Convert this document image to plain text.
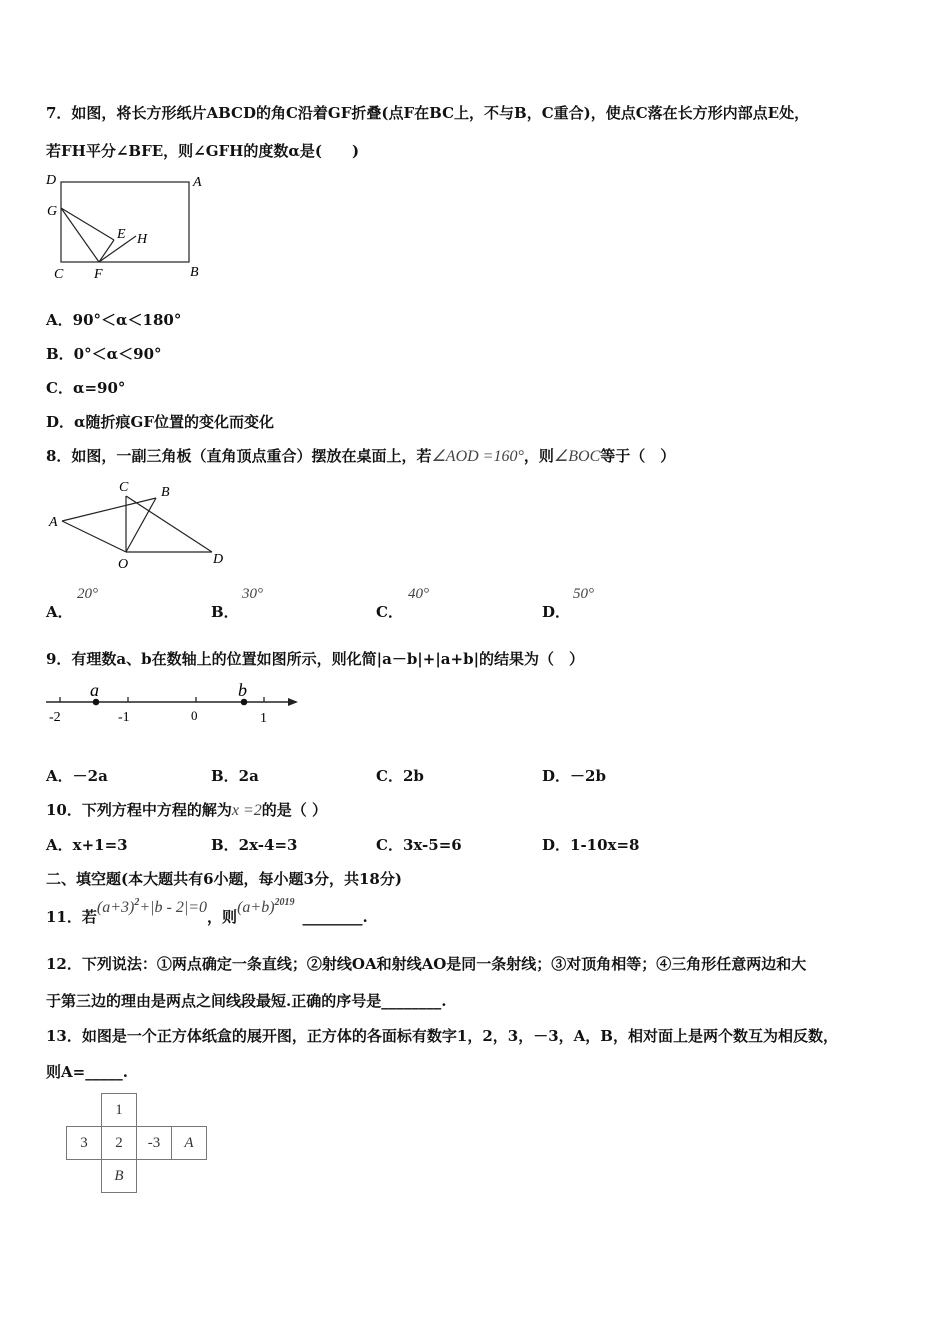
7．如图，将长方形纸片ABCD的角C沿着GF折叠(点F在BC上，不与B，C重合)，使点C落在长方形内部点E处，
若FH平分∠BFE，则∠GFH的度数α是(　　)
D	A
G
E H
C F	B
A．90°＜α＜180°
B．0°＜α＜90°
C．α=90°
D．α随折痕GF位置的变化而变化
8．如图，一副三角板（直角顶点重合）摆放在桌面上，若∠AOD =160°，则∠BOC等于（　）
A
C B
D
O
A．
20°
B．
30°
C．
40°
D．
50°
9．有理数a、b在数轴上的位置如图所示，则化简|a－b|+|a+b|的结果为（　）
a	b
-2	-1	0	1
A．－2a	B．2a	C．2b	D．－2b
10．下列方程中方程的解为x =2的是（ ）
A．x+1=3	B．2x-4=3	C．3x-5=6	D．1-10x=8
二、填空题(本大题共有6小题，每小题3分，共18分)
11．若$(a+3)^2+|b - 2|=0$，则$(a+b)^{2019}\_\_\_\_\_\_\_\_$.
12．下列说法：①两点确定一条直线；②射线OA和射线AO是同一条射线；③对顶角相等；④三角形任意两边和大
于第三边的理由是两点之间线段最短.正确的序号是________.
13．如图是一个正方体纸盒的展开图，正方体的各面标有数字1，2，3，－3，A，B，相对面上是两个数互为相反数，
则A=_____.
	1		
3	2	-3	A
	B		
